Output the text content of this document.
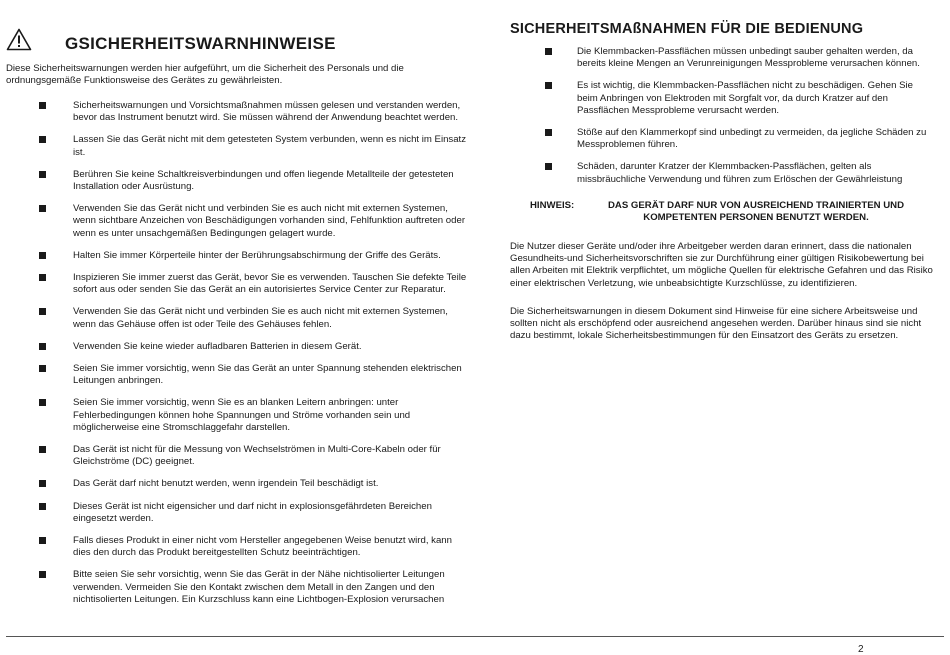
GSICHERHEITSWARNHINWEISE

Diese Sicherheitswarnungen werden hier aufgeführt, um die Sicherheit des Personals und die ordnungsgemäße Funktionsweise des Gerätes zu gewährleisten.

Sicherheitswarnungen und Vorsichtsmaßnahmen müssen gelesen und verstanden werden, bevor das Instrument benutzt wird. Sie müssen während der Anwendung beachtet werden.
Lassen Sie das Gerät nicht mit dem getesteten System verbunden, wenn es nicht im Einsatz ist.
Berühren Sie keine Schaltkreisverbindungen und offen liegende Metallteile der getesteten Installation oder Ausrüstung.
Verwenden Sie das Gerät nicht und verbinden Sie es auch nicht mit externen Systemen, wenn sichtbare Anzeichen von Beschädigungen vorhanden sind, Fehlfunktion auftreten oder wenn es unter unsachgemäßen Bedingungen gelagert wurde.
Halten Sie immer Körperteile hinter der Berührungsabschirmung der Griffe des Geräts.
Inspizieren Sie immer zuerst das Gerät, bevor Sie es verwenden. Tauschen Sie defekte Teile sofort aus oder senden Sie das Gerät an ein autorisiertes Service Center zur Reparatur.
Verwenden Sie das Gerät nicht und verbinden Sie es auch nicht mit externen Systemen, wenn das Gehäuse offen ist oder Teile des Gehäuses fehlen.
Verwenden Sie keine wieder aufladbaren Batterien in diesem Gerät.
Seien Sie immer vorsichtig, wenn Sie das Gerät an unter Spannung stehenden elektrischen Leitungen anbringen.
Seien Sie immer vorsichtig, wenn Sie es an blanken Leitern anbringen: unter Fehlerbedingungen können hohe Spannungen und Ströme vorhanden sein und möglicherweise eine Stromschlaggefahr darstellen.
Das Gerät ist nicht für die Messung von Wechselströmen in Multi-Core-Kabeln oder für Gleichströme (DC) geeignet.
Das Gerät darf nicht benutzt werden, wenn irgendein Teil beschädigt ist.
Dieses Gerät ist nicht eigensicher und darf nicht in explosionsgefährdeten Bereichen eingesetzt werden.
Falls dieses Produkt in einer nicht vom Hersteller angegebenen Weise benutzt wird, kann dies den durch das Produkt bereitgestellten Schutz beeinträchtigen.
Bitte seien Sie sehr vorsichtig, wenn Sie das Gerät in der Nähe nichtisolierter Leitungen verwenden. Vermeiden Sie den Kontakt zwischen dem Metall in den Zangen und den nichtisolierten Leitungen. Ein Kurzschluss kann eine Lichtbogen-Explosion verursachen
SICHERHEITSMAßNAHMEN FÜR DIE BEDIENUNG
Die Klemmbacken-Passflächen müssen unbedingt sauber gehalten werden, da bereits kleine Mengen an Verunreinigungen Messprobleme verursachen können.
Es ist wichtig, die Klemmbacken-Passflächen nicht zu beschädigen. Gehen Sie beim Anbringen von Elektroden mit Sorgfalt vor, da durch Kratzer auf den Passflächen Messprobleme verursacht werden.
Stöße auf den Klammerkopf sind unbedingt zu vermeiden, da jegliche Schäden zu Messproblemen führen.
Schäden, darunter Kratzer der Klemmbacken-Passflächen, gelten als missbräuchliche Verwendung und führen zum Erlöschen der Gewährleistung
HINWEIS:	DAS GERÄT DARF NUR VON AUSREICHEND TRAINIERTEN UND KOMPETENTEN PERSONEN BENUTZT WERDEN.

Die Nutzer dieser Geräte und/oder ihre Arbeitgeber werden daran erinnert, dass die nationalen Gesundheits-und Sicherheitsvorschriften sie zur Durchführung einer gültigen Risikobewertung bei allen Arbeiten mit Elektrik verpflichtet, um mögliche Quellen für elektrische Gefahren und das Risiko einer elektrischen Verletzung, wie unbeabsichtigte Kurzschlüsse, zu identifizieren.

Die Sicherheitswarnungen in diesem Dokument sind Hinweise für eine sichere Arbeitsweise und sollten nicht als erschöpfend oder ausreichend angesehen werden. Darüber hinaus sind sie nicht dazu bestimmt, lokale Sicherheitsbestimmungen für den Einsatzort des Geräts zu ersetzen.

2
